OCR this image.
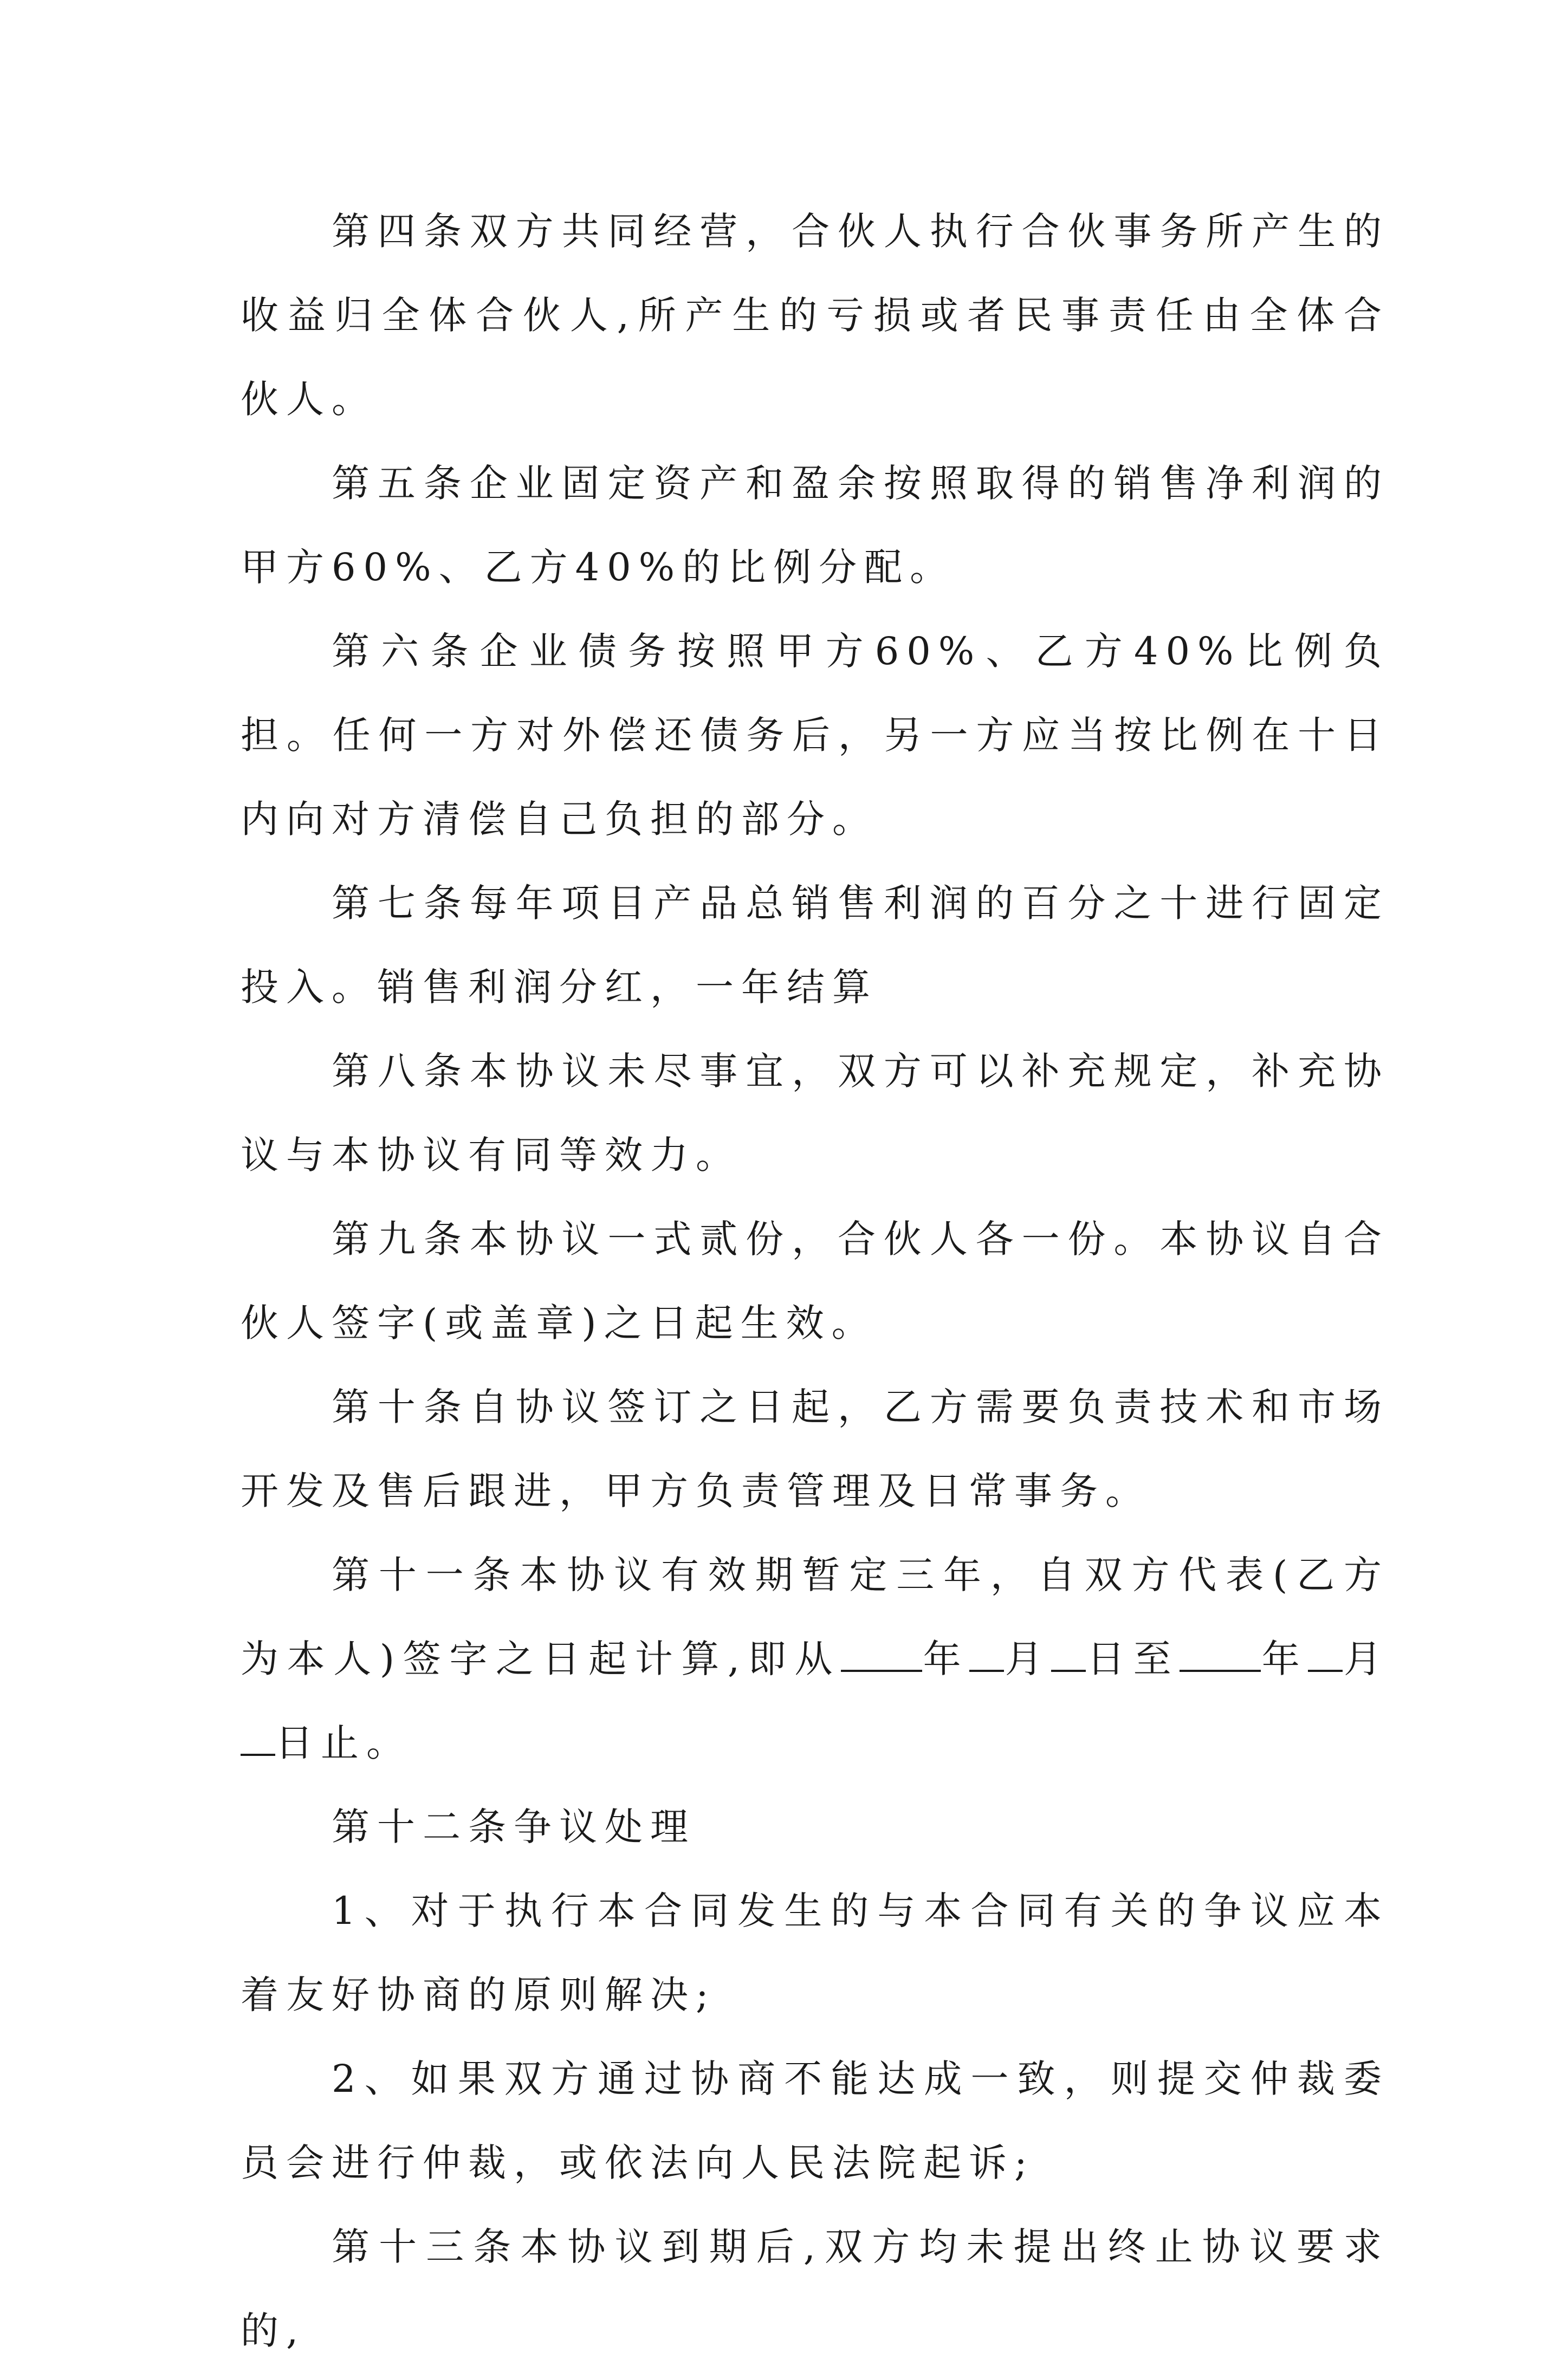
第四条双方共同经营，合伙人执行合伙事务所产生的收益归全体合伙人,所产生的亏损或者民事责任由全体合伙人。

第五条企业固定资产和盈余按照取得的销售净利润的甲方60%、乙方40%的比例分配。

第六条企业债务按照甲方60%、乙方40%比例负担。任何一方对外偿还债务后，另一方应当按比例在十日内向对方清偿自己负担的部分。

第七条每年项目产品总销售利润的百分之十进行固定投入。销售利润分红，一年结算

第八条本协议未尽事宜，双方可以补充规定，补充协议与本协议有同等效力。

第九条本协议一式贰份，合伙人各一份。本协议自合伙人签字(或盖章)之日起生效。

第十条自协议签订之日起，乙方需要负责技术和市场开发及售后跟进，甲方负责管理及日常事务。

第十一条本协议有效期暂定三年，自双方代表(乙方为本人)签字之日起计算,即从 年 月 日至 年 月日止。

第十二条争议处理

1、对于执行本合同发生的与本合同有关的争议应本着友好协商的原则解决;

2、如果双方通过协商不能达成一致，则提交仲裁委员会进行仲裁，或依法向人民法院起诉;

第十三条本协议到期后,双方均未提出终止协议要求的,
